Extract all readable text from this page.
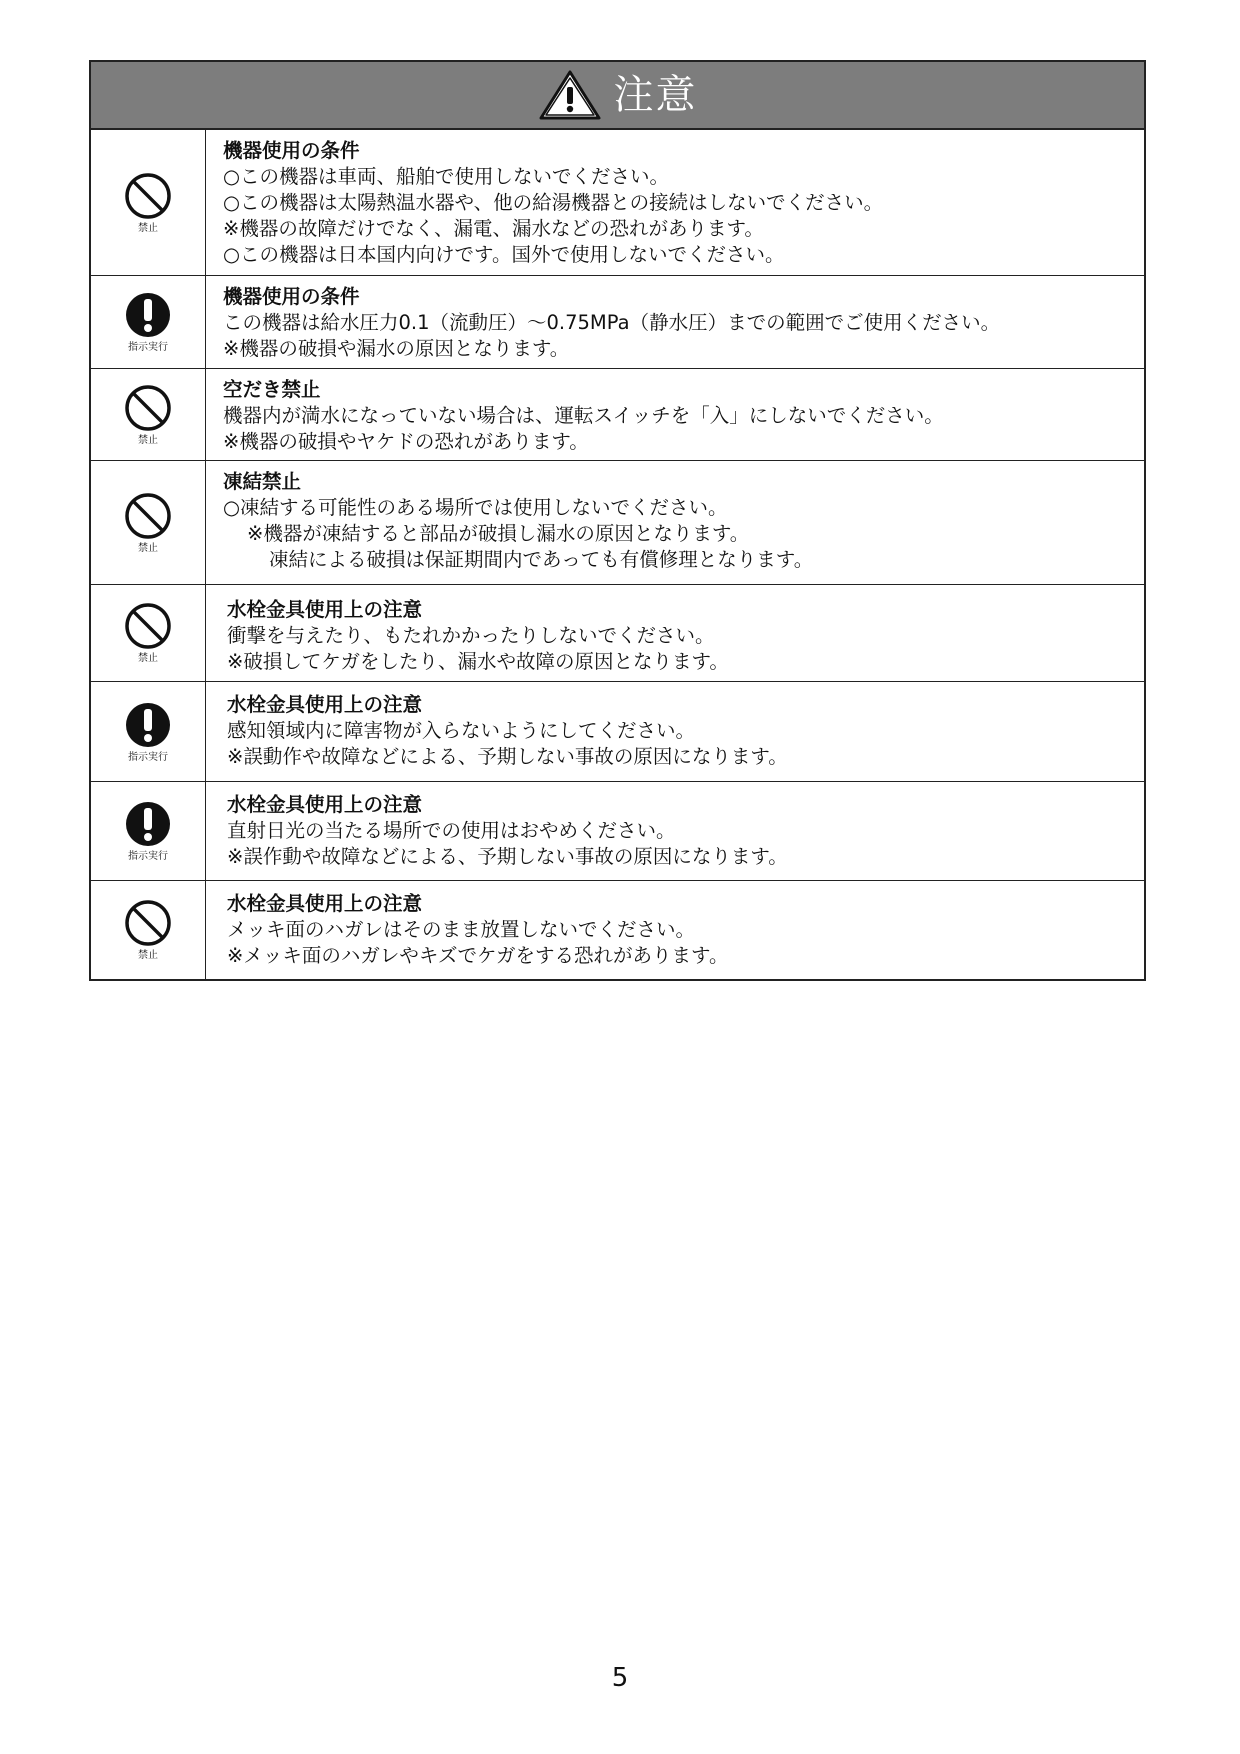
注意
禁止
機器使用の条件
○この機器は車両、船舶で使用しないでください。
○この機器は太陽熱温水器や、他の給湯機器との接続はしないでください。
※機器の故障だけでなく、漏電、漏水などの恐れがあります。
○この機器は日本国内向けです。国外で使用しないでください。
指示実行
機器使用の条件
この機器は給水圧力0.1（流動圧）～0.75MPa（静水圧）までの範囲でご使用ください。
※機器の破損や漏水の原因となります。
禁止
空だき禁止
機器内が満水になっていない場合は、運転スイッチを「入」にしないでください。
※機器の破損やヤケドの恐れがあります。
禁止
凍結禁止
○凍結する可能性のある場所では使用しないでください。
※機器が凍結すると部品が破損し漏水の原因となります。
凍結による破損は保証期間内であっても有償修理となります。
禁止
水栓金具使用上の注意
衝撃を与えたり、もたれかかったりしないでください。
※破損してケガをしたり、漏水や故障の原因となります。
指示実行
水栓金具使用上の注意
感知領域内に障害物が入らないようにしてください。
※誤動作や故障などによる、予期しない事故の原因になります。
指示実行
水栓金具使用上の注意
直射日光の当たる場所での使用はおやめください。
※誤作動や故障などによる、予期しない事故の原因になります。
禁止
水栓金具使用上の注意
メッキ面のハガレはそのまま放置しないでください。
※メッキ面のハガレやキズでケガをする恐れがあります。
5
